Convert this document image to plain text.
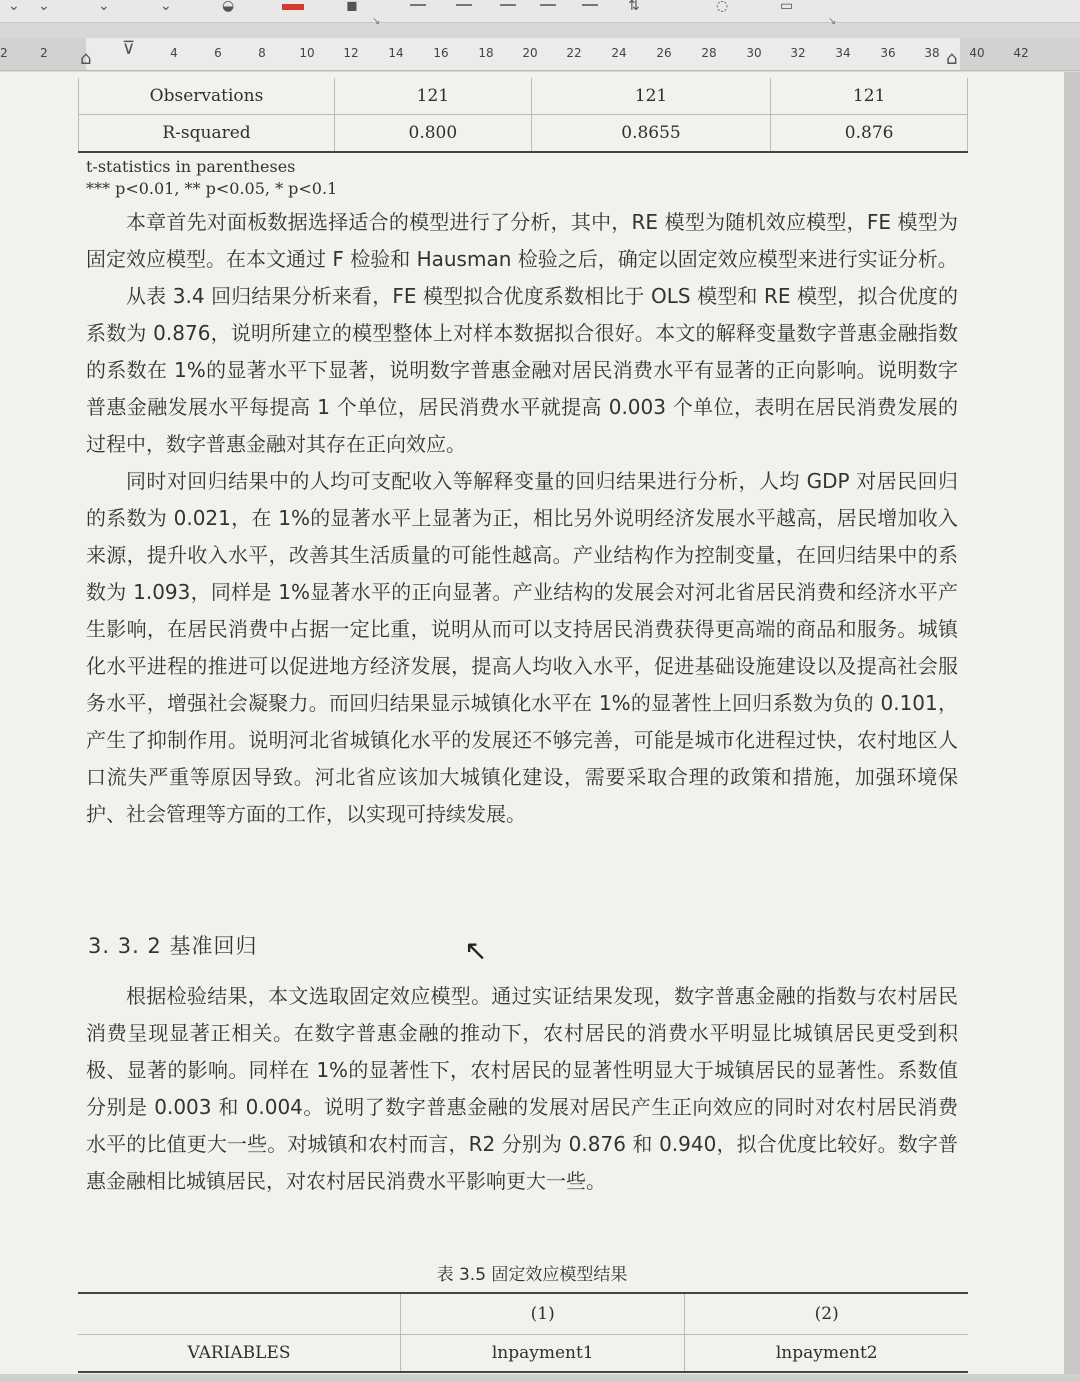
⌄ ⌄	⌄	⌄	◒	◼	⇅	◌	▭
↘	↘
⊽
⌂	⌂
2	2	4	6	8	10	12	14	16	18	20	22	24	26	28	30	32	34	36	38	40	42
Observations	121	121	121
R-squared	0.800	0.8655	0.876
t-statistics in parentheses
*** p<0.01, ** p<0.05, * p<0.1

本章首先对面板数据选择适合的模型进行了分析，其中，RE 模型为随机效应模型，FE 模型为固定效应模型。在本文通过 F 检验和 Hausman 检验之后，确定以固定效应模型来进行实证分析。

从表 3.4 回归结果分析来看，FE 模型拟合优度系数相比于 OLS 模型和 RE 模型，拟合优度的系数为 0.876，说明所建立的模型整体上对样本数据拟合很好。本文的解释变量数字普惠金融指数的系数在 1%的显著水平下显著，说明数字普惠金融对居民消费水平有显著的正向影响。说明数字普惠金融发展水平每提高 1 个单位，居民消费水平就提高 0.003 个单位，表明在居民消费发展的过程中，数字普惠金融对其存在正向效应。

同时对回归结果中的人均可支配收入等解释变量的回归结果进行分析，人均 GDP 对居民回归的系数为 0.021，在 1%的显著水平上显著为正，相比另外说明经济发展水平越高，居民增加收入来源，提升收入水平，改善其生活质量的可能性越高。产业结构作为控制变量，在回归结果中的系数为 1.093，同样是 1%显著水平的正向显著。产业结构的发展会对河北省居民消费和经济水平产生影响，在居民消费中占据一定比重，说明从而可以支持居民消费获得更高端的商品和服务。城镇化水平进程的推进可以促进地方经济发展，提高人均收入水平，促进基础设施建设以及提高社会服务水平，增强社会凝聚力。而回归结果显示城镇化水平在 1%的显著性上回归系数为负的 0.101，产生了抑制作用。说明河北省城镇化水平的发展还不够完善，可能是城市化进程过快，农村地区人口流失严重等原因导致。河北省应该加大城镇化建设，需要采取合理的政策和措施，加强环境保护、社会管理等方面的工作，以实现可持续发展。

3. 3. 2 基准回归

根据检验结果，本文选取固定效应模型。通过实证结果发现，数字普惠金融的指数与农村居民消费呈现显著正相关。在数字普惠金融的推动下，农村居民的消费水平明显比城镇居民更受到积极、显著的影响。同样在 1%的显著性下，农村居民的显著性明显大于城镇居民的显著性。系数值分别是 0.003 和 0.004。说明了数字普惠金融的发展对居民产生正向效应的同时对农村居民消费水平的比值更大一些。对城镇和农村而言，R2 分别为 0.876 和 0.940，拟合优度比较好。数字普惠金融相比城镇居民，对农村居民消费水平影响更大一些。

表 3.5 固定效应模型结果
	(1)	(2)
VARIABLES	lnpayment1	lnpayment2
↖
